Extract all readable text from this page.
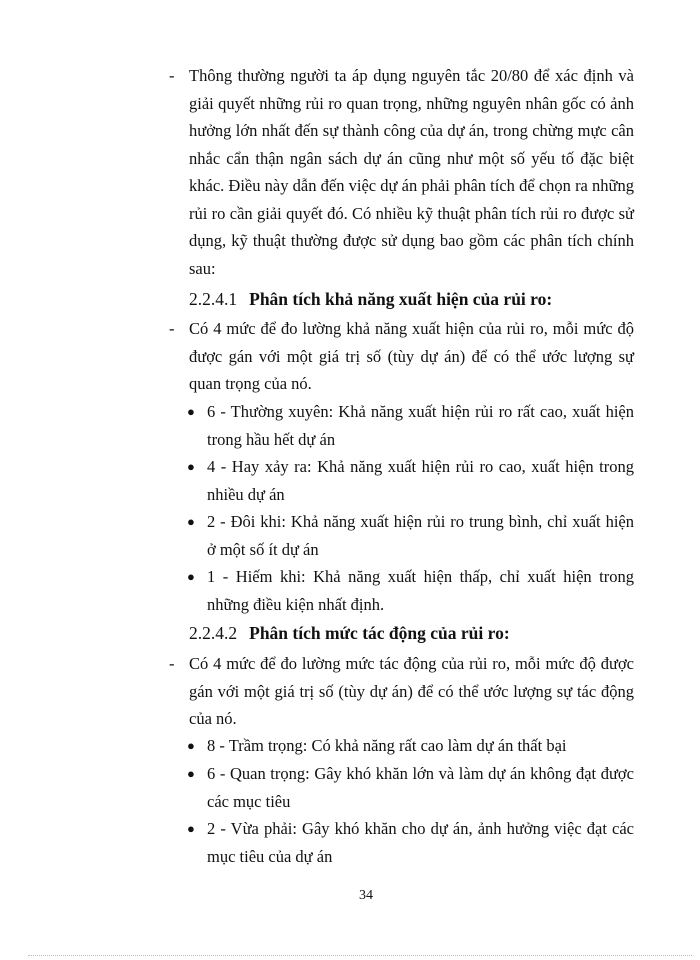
- Thông thường người ta áp dụng nguyên tắc 20/80 để xác định và giải quyết những rủi ro quan trọng, những nguyên nhân gốc có ảnh hưởng lớn nhất đến sự thành công của dự án, trong chừng mực cân nhắc cẩn thận ngân sách dự án cũng như một số yếu tố đặc biệt khác. Điều này dẫn đến việc dự án phải phân tích để chọn ra những rủi ro cần giải quyết đó. Có nhiều kỹ thuật phân tích rủi ro được sử dụng, kỹ thuật thường được sử dụng bao gồm các phân tích chính sau:
2.2.4.1 Phân tích khả năng xuất hiện của rủi ro:
- Có 4 mức để đo lường khả năng xuất hiện của rủi ro, mỗi mức độ được gán với một giá trị số (tùy dự án) để có thể ước lượng sự quan trọng của nó.
● 6 - Thường xuyên: Khả năng xuất hiện rủi ro rất cao, xuất hiện trong hầu hết dự án
● 4 - Hay xảy ra: Khả năng xuất hiện rủi ro cao, xuất hiện trong nhiều dự án
● 2 - Đôi khi: Khả năng xuất hiện rủi ro trung bình, chỉ xuất hiện ở một số ít dự án
● 1 - Hiếm khi: Khả năng xuất hiện thấp, chỉ xuất hiện trong những điều kiện nhất định.
2.2.4.2 Phân tích mức tác động của rủi ro:
- Có 4 mức để đo lường mức tác động của rủi ro, mỗi mức độ được gán với một giá trị số (tùy dự án) để có thể ước lượng sự tác động của nó.
● 8 - Trầm trọng: Có khả năng rất cao làm dự án thất bại
● 6 - Quan trọng: Gây khó khăn lớn và làm dự án không đạt được các mục tiêu
● 2 - Vừa phải: Gây khó khăn cho dự án, ảnh hưởng việc đạt các mục tiêu của dự án
34
